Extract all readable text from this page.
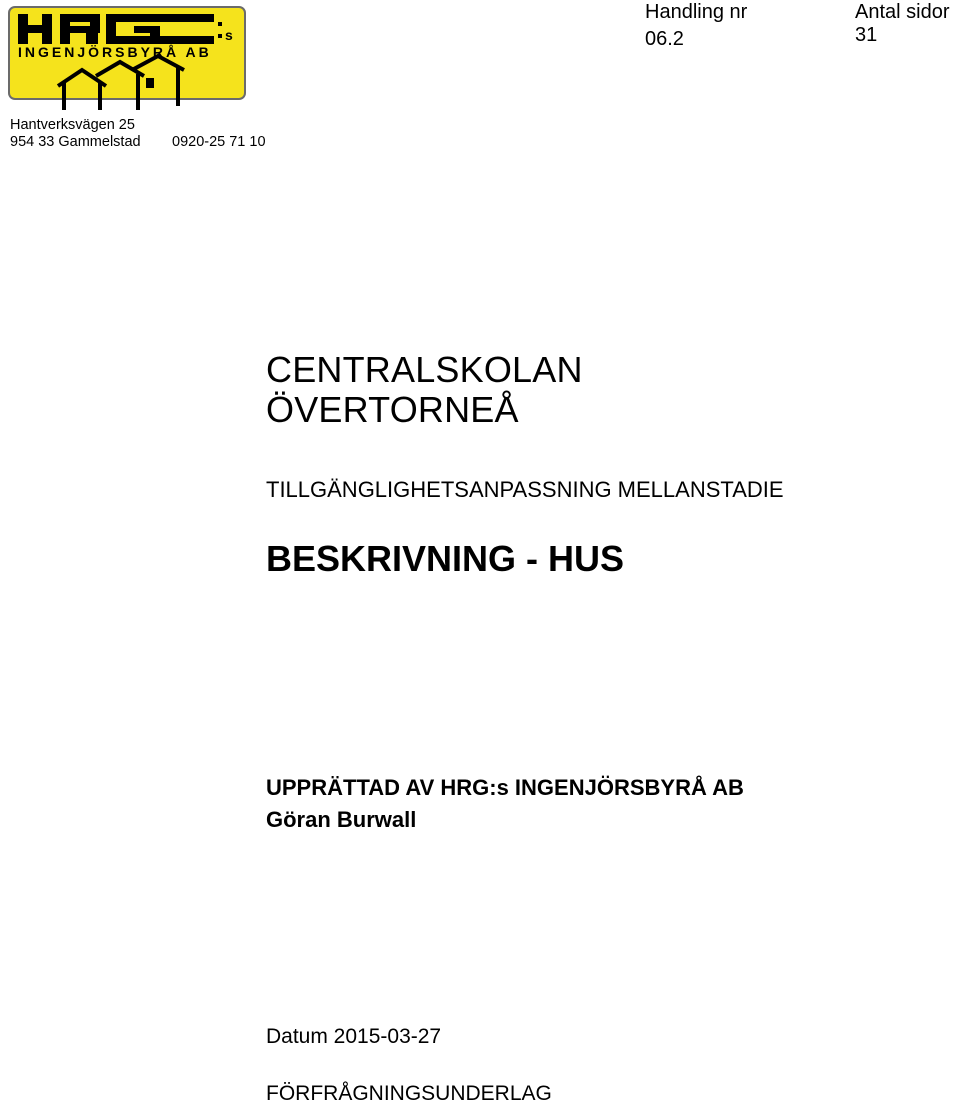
s
INGENJÖRSBYRÅ AB
Hantverksvägen 25
954 33 Gammelstad 0920-25 71 10
Handling nr
06.2
Antal sidor
31
CENTRALSKOLAN
ÖVERTORNEÅ
TILLGÄNGLIGHETSANPASSNING MELLANSTADIE
BESKRIVNING - HUS
UPPRÄTTAD AV HRG:s INGENJÖRSBYRÅ AB
Göran Burwall
Datum 2015-03-27
FÖRFRÅGNINGSUNDERLAG
